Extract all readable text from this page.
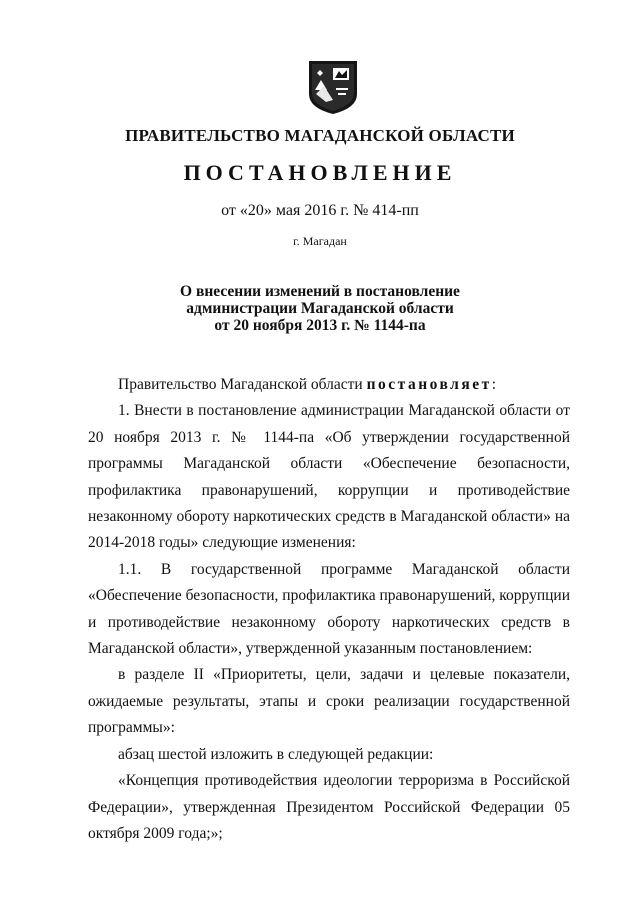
ПРАВИТЕЛЬСТВО МАГАДАНСКОЙ ОБЛАСТИ
ПОСТАНОВЛЕНИЕ
от «20» мая 2016 г. № 414-пп
г. Магадан
О внесении изменений в постановление
администрации Магаданской области
от 20 ноября 2013 г. № 1144-па
Правительство Магаданской области постановляет:
1. Внести в постановление администрации Магаданской области от 20 ноября 2013 г. № 1144-па «Об утверждении государственной программы Магаданской области «Обеспечение безопасности, профилактика правонарушений, коррупции и противодействие незаконному обороту наркотических средств в Магаданской области» на 2014-2018 годы» следующие изменения:
1.1. В государственной программе Магаданской области «Обеспечение безопасности, профилактика правонарушений, коррупции и противодействие незаконному обороту наркотических средств в Магаданской области», утвержденной указанным постановлением:
в разделе II «Приоритеты, цели, задачи и целевые показатели, ожидаемые результаты, этапы и сроки реализации государственной программы»:
абзац шестой изложить в следующей редакции:
«Концепция противодействия идеологии терроризма в Российской Федерации», утвержденная Президентом Российской Федерации 05 октября 2009 года;»;
